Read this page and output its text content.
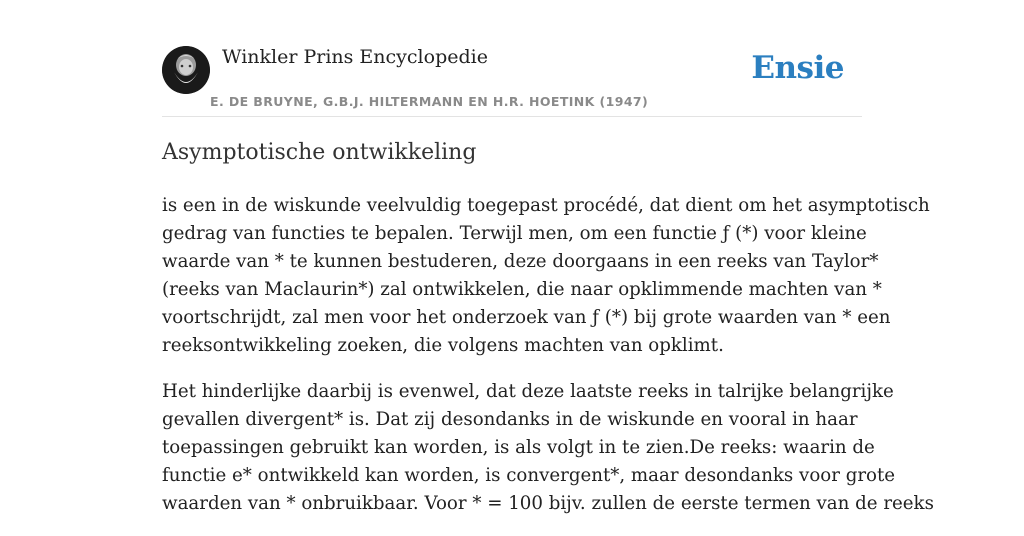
Winkler Prins Encyclopedie
E. DE BRUYNE, G.B.J. HILTERMANN EN H.R. HOETINK (1947)
Ensie
Asymptotische ontwikkeling

is een in de wiskunde veelvuldig toegepast procédé, dat dient om het asymptotisch
gedrag van functies te bepalen. Terwijl men, om een functie ƒ (*) voor kleine
waarde van * te kunnen bestuderen, deze doorgaans in een reeks van Taylor*
(reeks van Maclaurin*) zal ontwikkelen, die naar opklimmende machten van *
voortschrijdt, zal men voor het onderzoek van ƒ (*) bij grote waarden van * een
reeksontwikkeling zoeken, die volgens machten van opklimt.

Het hinderlijke daarbij is evenwel, dat deze laatste reeks in talrijke belangrijke
gevallen divergent* is. Dat zij desondanks in de wiskunde en vooral in haar
toepassingen gebruikt kan worden, is als volgt in te zien.De reeks: waarin de
functie e* ontwikkeld kan worden, is convergent*, maar desondanks voor grote
waarden van * onbruikbaar. Voor * = 100 bijv. zullen de eerste termen van de reeks
